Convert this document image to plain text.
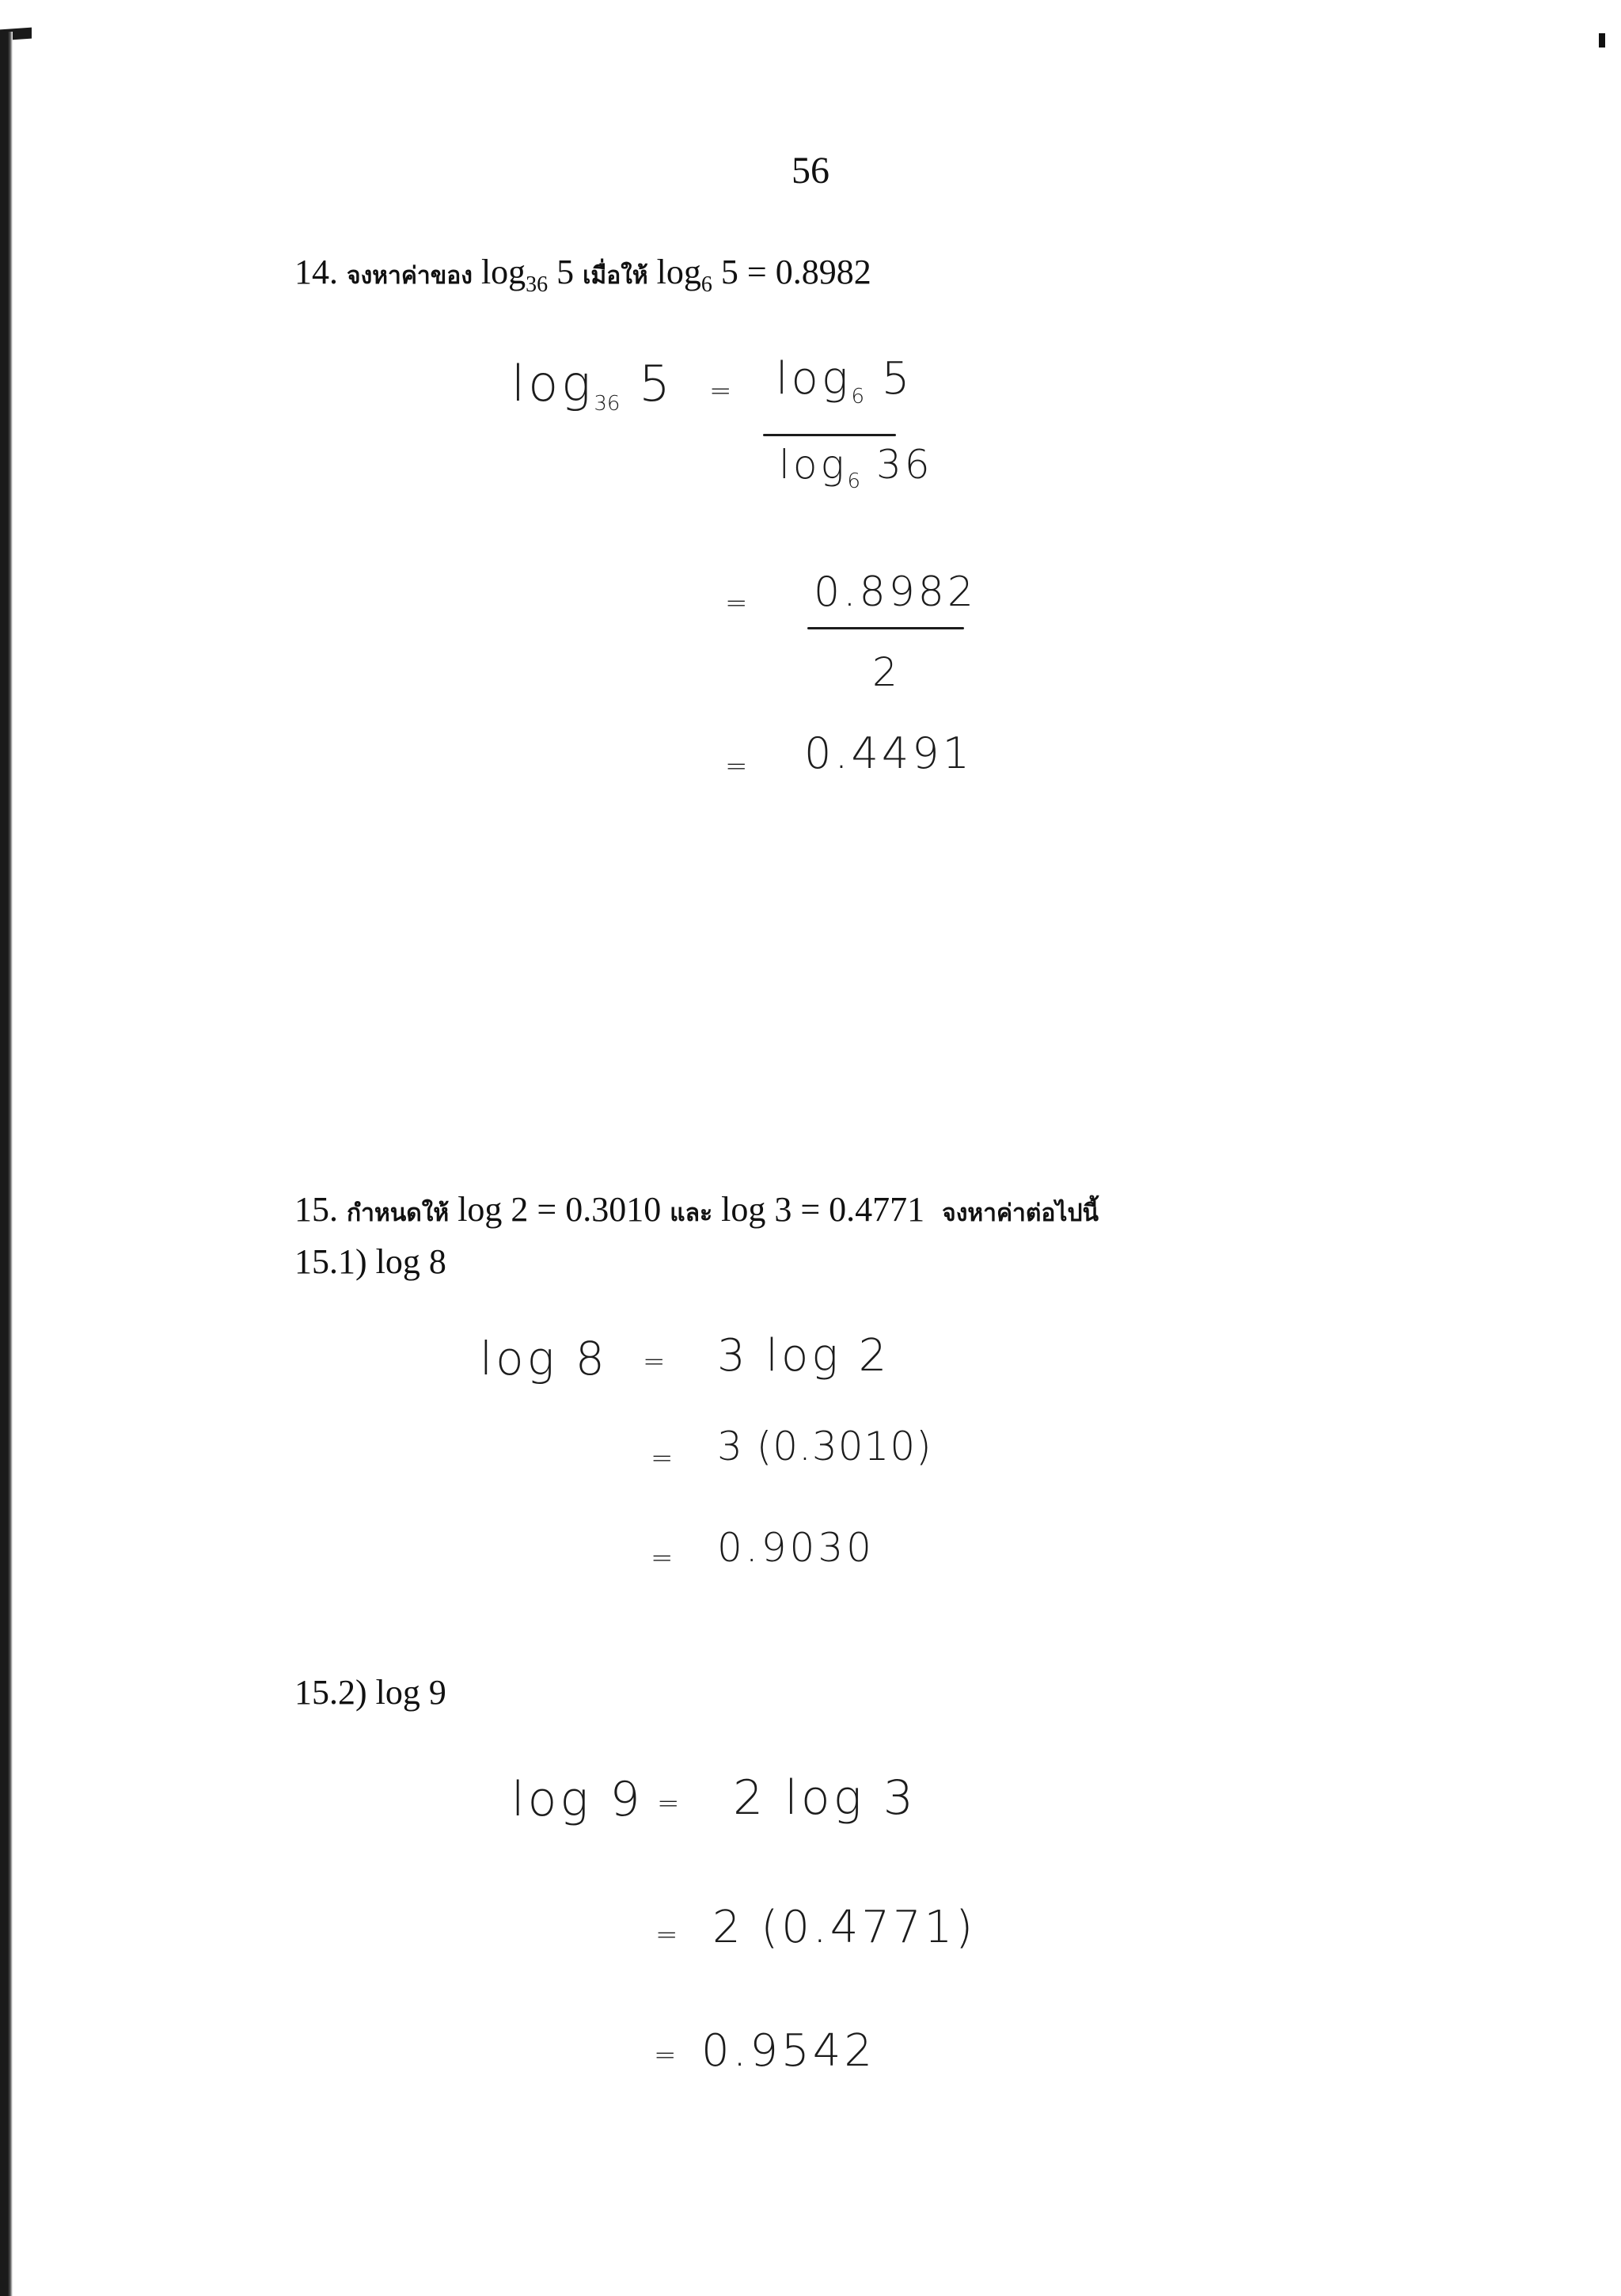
56
14. จงหาค่าของ $\log_{36} 5$ เมื่อให้ $\log_6 5 = 0.8982$
$\log_{36} 5 = \log_6 5$
$\log_6 36$
= 0.8982
2
= 0.4491
15. กำหนดให้ log 2 = 0.3010 และ log 3 = 0.4771 จงหาค่าต่อไปนี้
15.1) log 8
log 8 = 3 log 2
= 3 (0.3010)
= 0.9030
15.2) log 9
log 9 = 2 log 3
= 2 (0.4771)
= 0.9542
